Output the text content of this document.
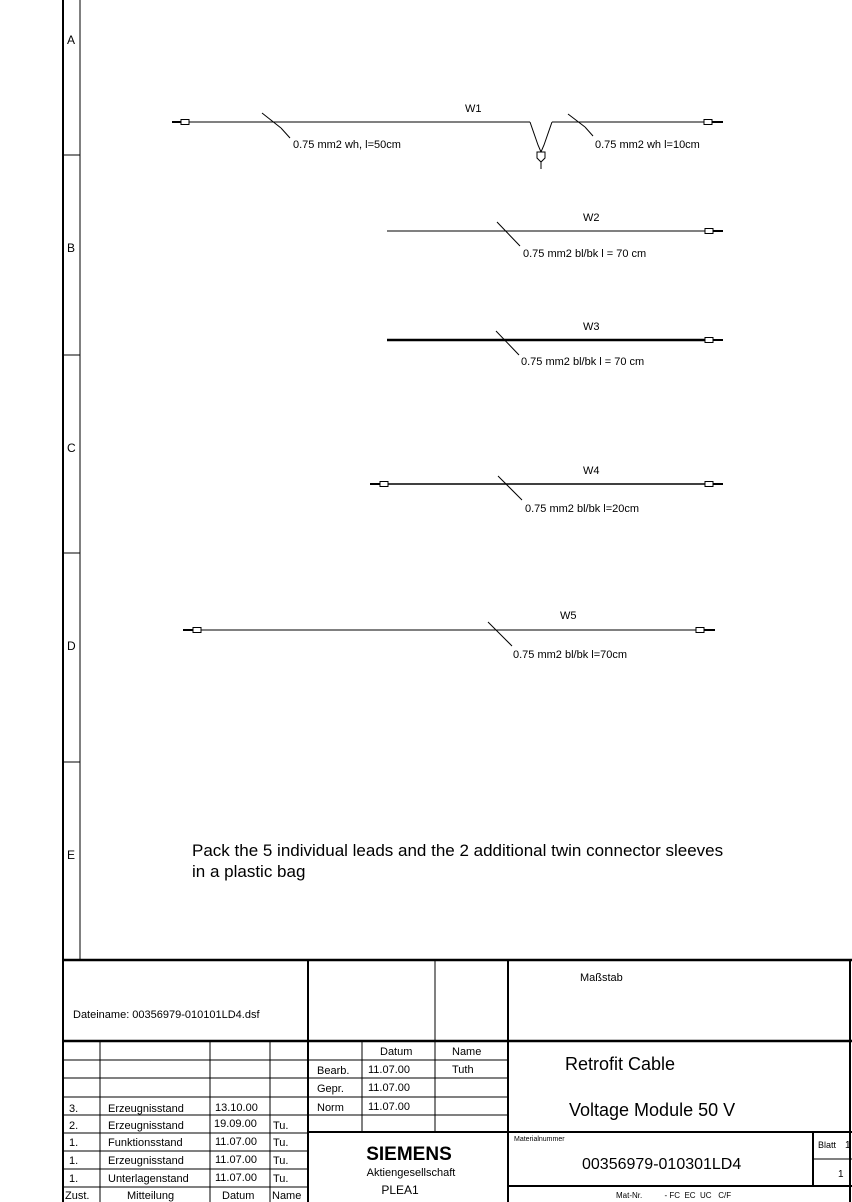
A
B
C
D
E
W1
0.75 mm2 wh, l=50cm	0.75 mm2 wh l=10cm
W2
0.75 mm2 bl/bk l = 70 cm
W3
0.75 mm2 bl/bk l = 70 cm
W4
0.75 mm2 bl/bk l=20cm
W5
0.75 mm2 bl/bk l=70cm
Pack the 5 individual leads and the 2 additional twin connector sleeves
in a plastic bag
Dateiname: 00356979-010101LD4.dsf
Maßstab
3.	Erzeugnisstand	13.10.00
2.	Erzeugnisstand	19.09.00 Tu.
1.	Funktionsstand	11.07.00 Tu.
1.	Erzeugnisstand	11.07.00 Tu.
1.	Unterlagenstand 11.07.00 Tu.
Zust.	Mitteilung	Datum Name
Datum	Name
Bearb. 11.07.00	Tuth
Gepr. 11.07.00
Norm 11.07.00
SIEMENS
Aktiengesellschaft
PLEA1
Retrofit Cable
Voltage Module 50 V
Materialnummer
00356979-010301LD4
Blatt 1
1
Mat-Nr.          - FC  EC  UC   C/F
